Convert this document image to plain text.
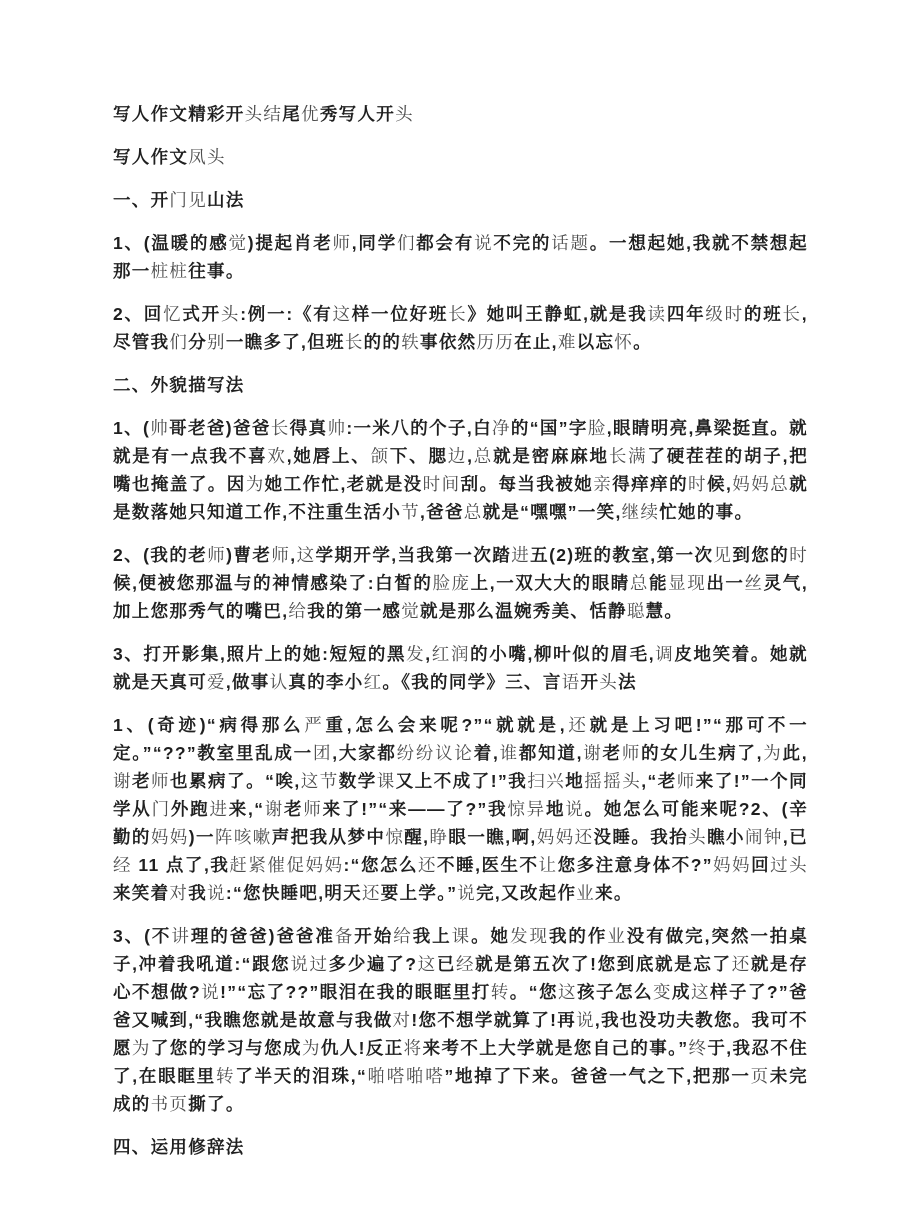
写人作文精彩开头结尾优秀写人开头

写人作文凤头

一、开门见山法

1、(温暖的感觉)提起肖老师,同学们都会有说不完的话题。一想起她,我就不禁想起那一桩桩往事。

2、回忆式开头:例一:《有这样一位好班长》她叫王静虹,就是我读四年级时的班长,尽管我们分别一瞧多了,但班长的的轶事依然历历在止,难以忘怀。

二、外貌描写法

1、(帅哥老爸)爸爸长得真帅:一米八的个子,白净的“国”字脸,眼睛明亮,鼻梁挺直。就就是有一点我不喜欢,她唇上、颌下、腮边,总就是密麻麻地长满了硬茬茬的胡子,把嘴也掩盖了。因为她工作忙,老就是没时间刮。每当我被她亲得痒痒的时候,妈妈总就是数落她只知道工作,不注重生活小节,爸爸总就是“嘿嘿”一笑,继续忙她的事。

2、(我的老师)曹老师,这学期开学,当我第一次踏进五(2)班的教室,第一次见到您的时候,便被您那温与的神情感染了:白皙的脸庞上,一双大大的眼睛总能显现出一丝灵气,加上您那秀气的嘴巴,给我的第一感觉就是那么温婉秀美、恬静聪慧。

3、打开影集,照片上的她:短短的黑发,红润的小嘴,柳叶似的眉毛,调皮地笑着。她就就是天真可爱,做事认真的李小红。《我的同学》三、言语开头法

1、(奇迹)“病得那么严重,怎么会来呢?”“就就是,还就是上习吧!”“那可不一定。”“??”教室里乱成一团,大家都纷纷议论着,谁都知道,谢老师的女儿生病了,为此,谢老师也累病了。“唉,这节数学课又上不成了!”我扫兴地摇摇头,“老师来了!”一个同学从门外跑进来,“谢老师来了!”“来——了?”我惊异地说。她怎么可能来呢?2、(辛勤的妈妈)一阵咳嗽声把我从梦中惊醒,睁眼一瞧,啊,妈妈还没睡。我抬头瞧小闹钟,已经 11 点了,我赶紧催促妈妈:“您怎么还不睡,医生不让您多注意身体不?”妈妈回过头来笑着对我说:“您快睡吧,明天还要上学。”说完,又改起作业来。

3、(不讲理的爸爸)爸爸准备开始给我上课。她发现我的作业没有做完,突然一拍桌子,冲着我吼道:“跟您说过多少遍了?这已经就是第五次了!您到底就是忘了还就是存心不想做?说!”“忘了??”眼泪在我的眼眶里打转。“您这孩子怎么变成这样子了?”爸爸又喊到,“我瞧您就是故意与我做对!您不想学就算了!再说,我也没功夫教您。我可不愿为了您的学习与您成为仇人!反正将来考不上大学就是您自己的事。”终于,我忍不住了,在眼眶里转了半天的泪珠,“啪嗒啪嗒”地掉了下来。爸爸一气之下,把那一页未完成的书页撕了。

四、运用修辞法
